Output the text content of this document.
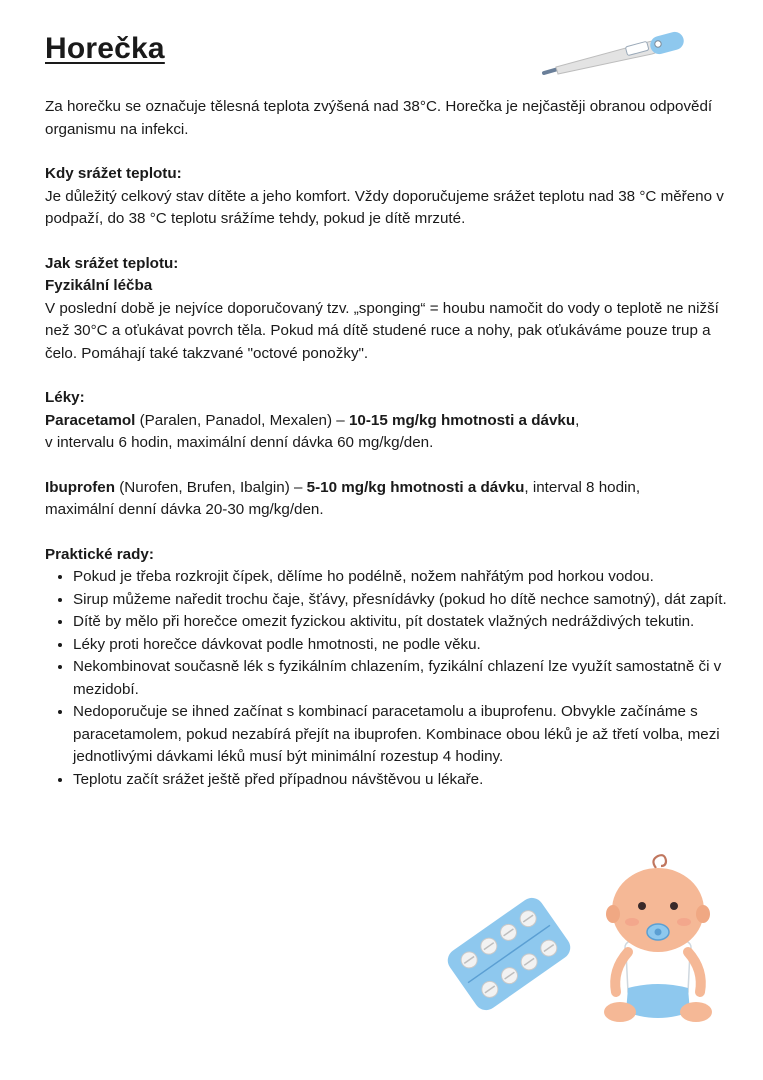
Horečka

Za horečku se označuje tělesná teplota zvýšená nad 38°C. Horečka je nejčastěji obranou odpovědí organismu na infekci.

Kdy srážet teplotu:

Je důležitý celkový stav dítěte a jeho komfort. Vždy doporučujeme srážet teplotu nad 38 °C měřeno v podpaží, do 38 °C teplotu srážíme tehdy, pokud je dítě mrzuté.

Jak srážet teplotu:
Fyzikální léčba

V poslední době je nejvíce doporučovaný tzv. „sponging“ = houbu namočit do vody o teplotě ne nižší než 30°C a oťukávat povrch těla. Pokud má dítě studené ruce a nohy, pak oťukáváme pouze trup a čelo. Pomáhají také takzvané "octové ponožky".

Léky:

Paracetamol (Paralen, Panadol, Mexalen) – 10-15 mg/kg hmotnosti a dávku,
v intervalu 6 hodin, maximální denní dávka 60 mg/kg/den.

Ibuprofen (Nurofen, Brufen, Ibalgin) – 5-10 mg/kg hmotnosti a dávku, interval 8 hodin,
maximální denní dávka 20-30 mg/kg/den.

Praktické rady:
• Pokud je třeba rozkrojit čípek, dělíme ho podélně, nožem nahřátým pod horkou vodou.
• Sirup můžeme naředit trochu čaje, šťávy, přesnídávky (pokud ho dítě nechce samotný), dát zapít.
• Dítě by mělo při horečce omezit fyzickou aktivitu, pít dostatek vlažných nedráždivých tekutin.
• Léky proti horečce dávkovat podle hmotnosti, ne podle věku.
• Nekombinovat současně lék s fyzikálním chlazením, fyzikální chlazení lze využít samostatně či v mezidobí.
• Nedoporučuje se ihned začínat s kombinací paracetamolu a ibuprofenu. Obvykle začínáme s paracetamolem, pokud nezabírá přejít na ibuprofen. Kombinace obou léků je až třetí volba, mezi jednotlivými dávkami léků musí být minimální rozestup 4 hodiny.
• Teplotu začít srážet ještě před případnou návštěvou u lékaře.
